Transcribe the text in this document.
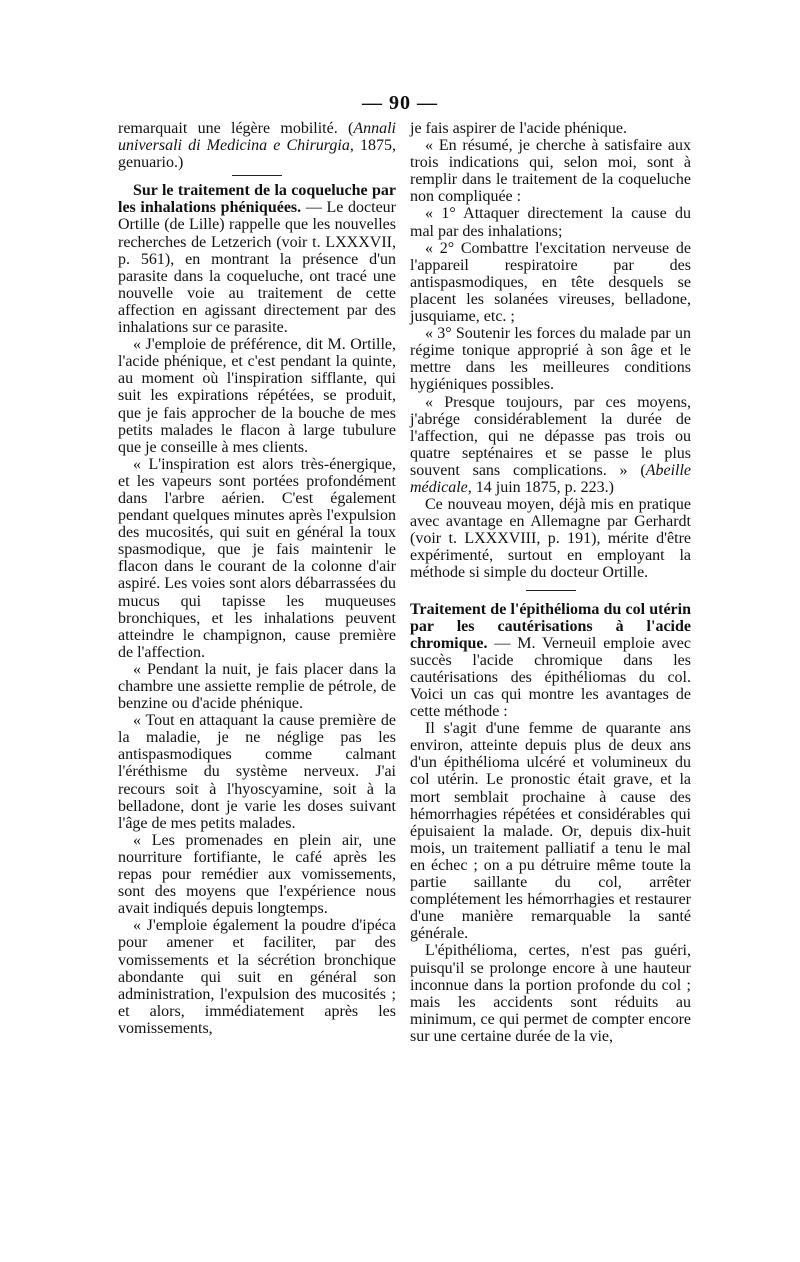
— 90 —

remarquait une légère mobilité. (Annali universali di Medicina e Chirurgia, 1875, genuario.)

Sur le traitement de la coqueluche par les inhalations phéniquées. — Le docteur Ortille (de Lille) rappelle que les nouvelles recherches de Letzerich (voir t. LXXXVII, p. 561), en montrant la présence d'un parasite dans la coqueluche, ont tracé une nouvelle voie au traitement de cette affection en agissant directement par des inhalations sur ce parasite.

« J'emploie de préférence, dit M. Ortille, l'acide phénique, et c'est pendant la quinte, au moment où l'inspiration sifflante, qui suit les expirations répétées, se produit, que je fais approcher de la bouche de mes petits malades le flacon à large tubulure que je conseille à mes clients.

« L'inspiration est alors très-énergique, et les vapeurs sont portées profondément dans l'arbre aérien. C'est également pendant quelques minutes après l'expulsion des mucosités, qui suit en général la toux spasmodique, que je fais maintenir le flacon dans le courant de la colonne d'air aspiré. Les voies sont alors débarrassées du mucus qui tapisse les muqueuses bronchiques, et les inhalations peuvent atteindre le champignon, cause première de l'affection.

« Pendant la nuit, je fais placer dans la chambre une assiette remplie de pétrole, de benzine ou d'acide phénique.

« Tout en attaquant la cause première de la maladie, je ne néglige pas les antispasmodiques comme calmant l'éréthisme du système nerveux. J'ai recours soit à l'hyoscyamine, soit à la belladone, dont je varie les doses suivant l'âge de mes petits malades.

« Les promenades en plein air, une nourriture fortifiante, le café après les repas pour remédier aux vomissements, sont des moyens que l'expérience nous avait indiqués depuis longtemps.

« J'emploie également la poudre d'ipéca pour amener et faciliter, par des vomissements et la sécrétion bronchique abondante qui suit en général son administration, l'expulsion des mucosités ; et alors, immédiatement après les vomissements,

je fais aspirer de l'acide phénique.

« En résumé, je cherche à satisfaire aux trois indications qui, selon moi, sont à remplir dans le traitement de la coqueluche non compliquée :

« 1° Attaquer directement la cause du mal par des inhalations;

« 2° Combattre l'excitation nerveuse de l'appareil respiratoire par des antispasmodiques, en tête desquels se placent les solanées vireuses, belladone, jusquiame, etc. ;

« 3° Soutenir les forces du malade par un régime tonique approprié à son âge et le mettre dans les meilleures conditions hygiéniques possibles.

« Presque toujours, par ces moyens, j'abrége considérablement la durée de l'affection, qui ne dépasse pas trois ou quatre septénaires et se passe le plus souvent sans complications. » (Abeille médicale, 14 juin 1875, p. 223.)

Ce nouveau moyen, déjà mis en pratique avec avantage en Allemagne par Gerhardt (voir t. LXXXVIII, p. 191), mérite d'être expérimenté, surtout en employant la méthode si simple du docteur Ortille.

Traitement de l'épithélioma du col utérin par les cautérisations à l'acide chromique. — M. Verneuil emploie avec succès l'acide chromique dans les cautérisations des épithéliomas du col. Voici un cas qui montre les avantages de cette méthode :

Il s'agit d'une femme de quarante ans environ, atteinte depuis plus de deux ans d'un épithélioma ulcéré et volumineux du col utérin. Le pronostic était grave, et la mort semblait prochaine à cause des hémorrhagies répétées et considérables qui épuisaient la malade. Or, depuis dix-huit mois, un traitement palliatif a tenu le mal en échec ; on a pu détruire même toute la partie saillante du col, arrêter complétement les hémorrhagies et restaurer d'une manière remarquable la santé générale.

L'épithélioma, certes, n'est pas guéri, puisqu'il se prolonge encore à une hauteur inconnue dans la portion profonde du col ; mais les accidents sont réduits au minimum, ce qui permet de compter encore sur une certaine durée de la vie,
